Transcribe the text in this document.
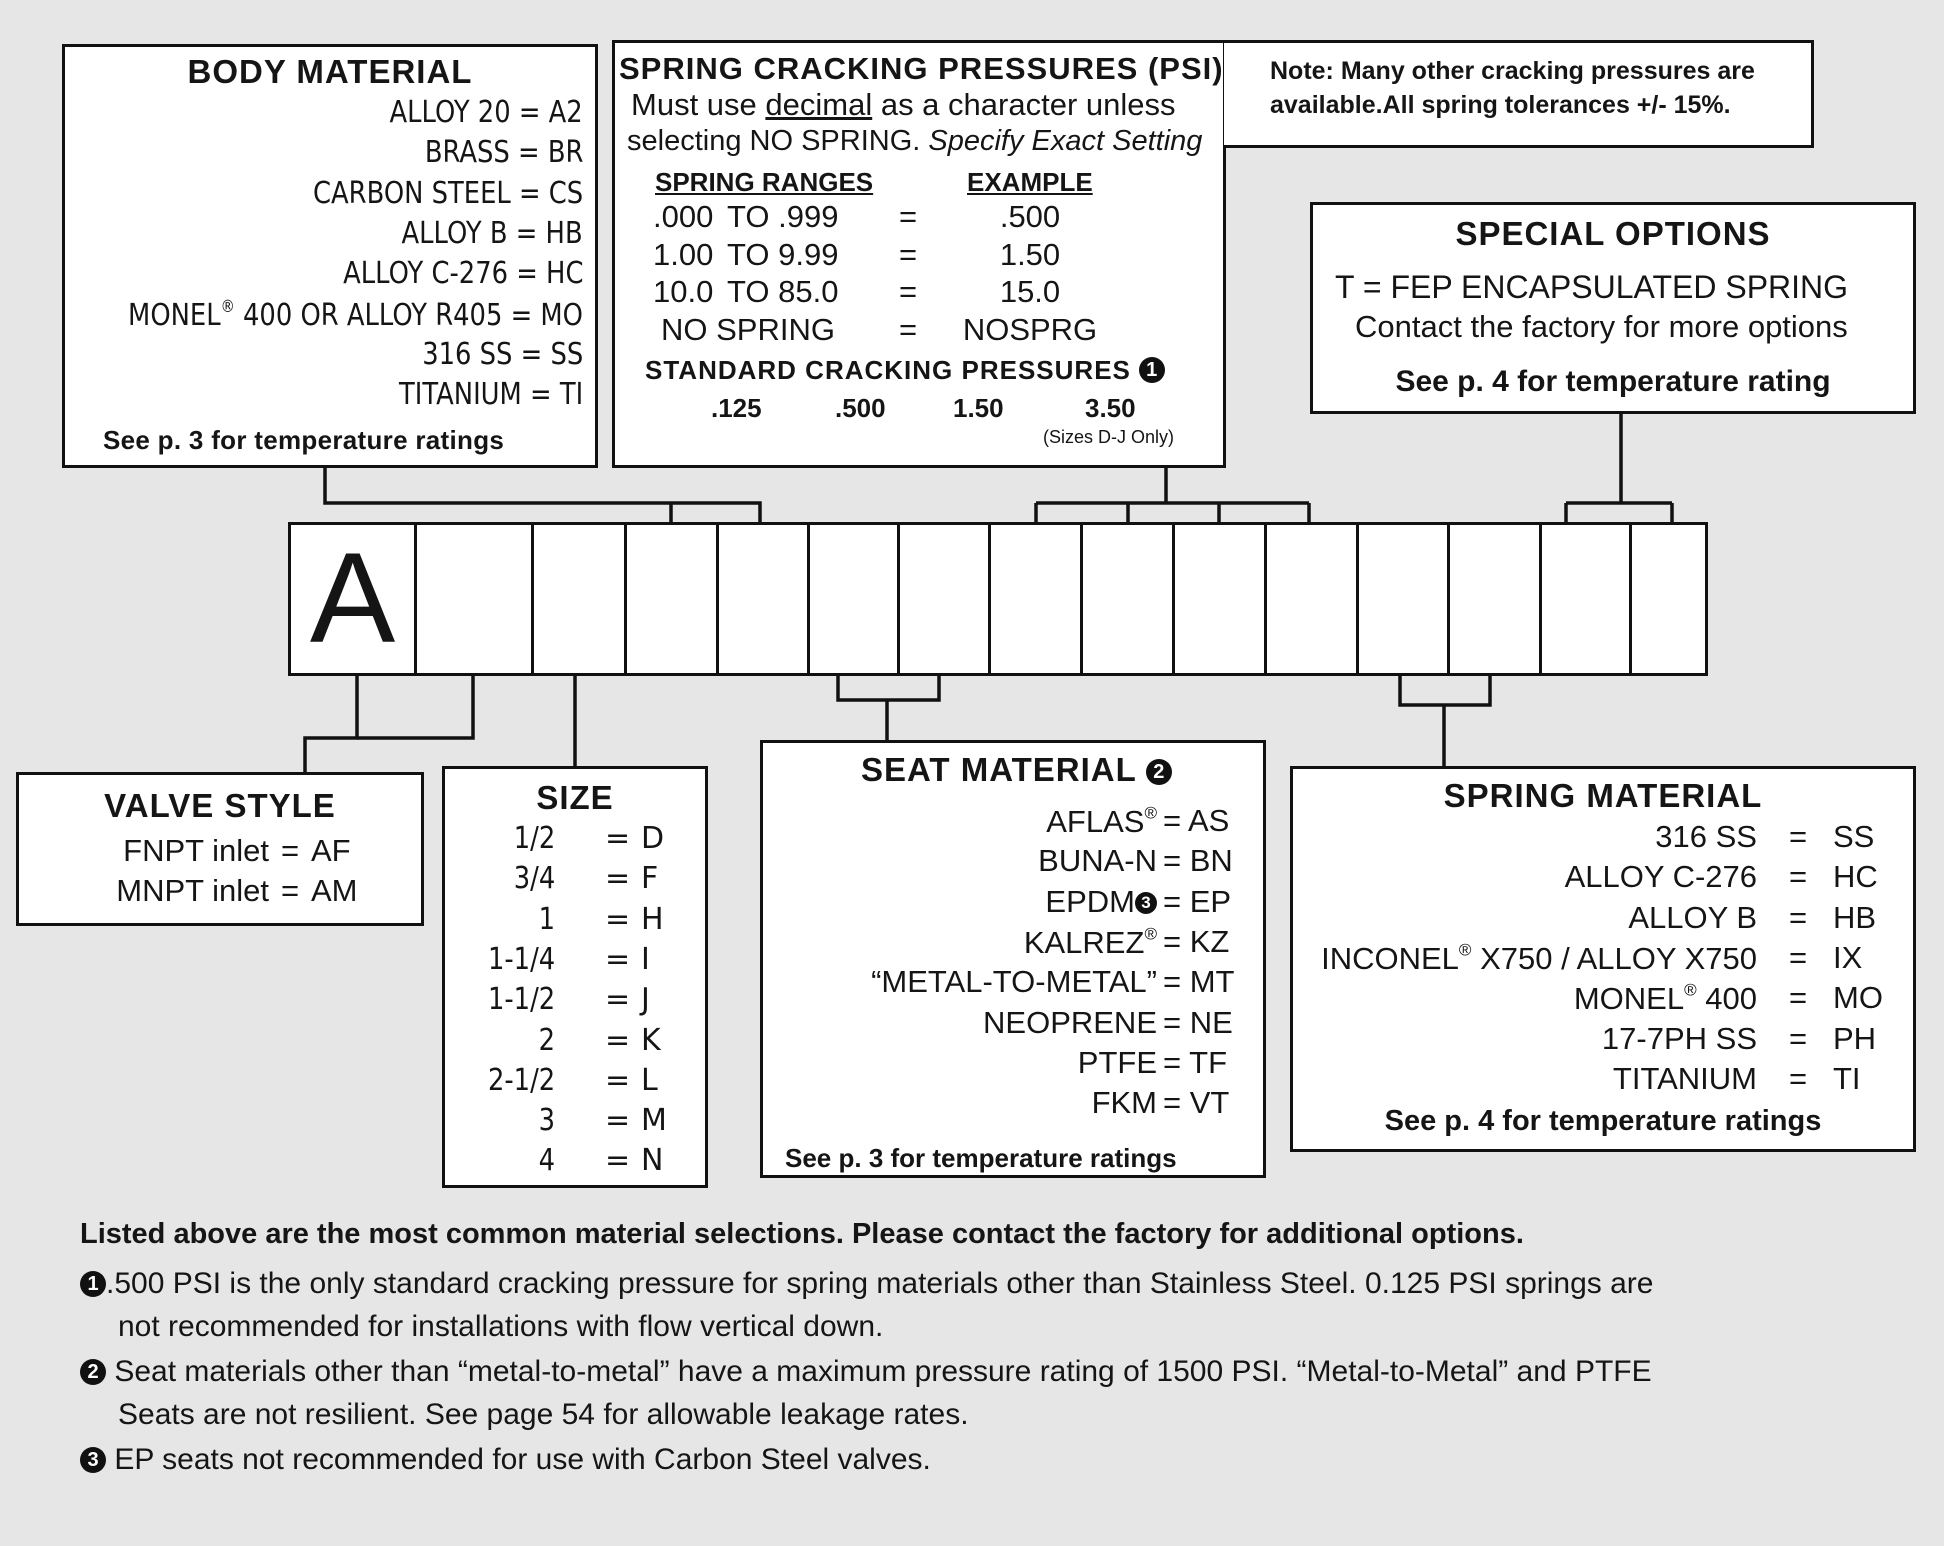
BODY MATERIAL
ALLOY 20 = A2
BRASS = BR
CARBON STEEL = CS
ALLOY B = HB
ALLOY C-276 = HC
MONEL® 400 OR ALLOY R405 = MO
316 SS = SS
TITANIUM = TI
See p. 3 for temperature ratings
SPRING CRACKING PRESSURES (PSI)
Must use decimal as a character unless
selecting NO SPRING. Specify Exact Setting
SPRING RANGES	EXAMPLE
.000 TO .999 =	.500
1.00 TO 9.99 =	1.50
10.0 TO 85.0 =	15.0
NO SPRING =	NOSPRG
STANDARD CRACKING PRESSURES 1
.125	.500	1.50	3.50
(Sizes D-J Only)
Note: Many other cracking pressures are
available.All spring tolerances +/- 15%.
SPECIAL OPTIONS
T = FEP ENCAPSULATED SPRING
Contact the factory for more options
See p. 4 for temperature rating
A
VALVE STYLE
FNPT inlet = AF
MNPT inlet = AM
SIZE
1/2 = D
3/4 = F
1 = H
1-1/4 = I
1-1/2 = J
2 = K
2-1/2 = L
3 = M
4 = N
SEAT MATERIAL 2
AFLAS® = AS
BUNA-N = BN
EPDM 3 = EP
KALREZ® = KZ
“METAL-TO-METAL” = MT
NEOPRENE = NE
PTFE = TF
FKM = VT
See p. 3 for temperature ratings
SPRING MATERIAL
316 SS = SS
ALLOY C-276 = HC
ALLOY B = HB
INCONEL® X750 / ALLOY X750 = IX
MONEL® 400 = MO
17-7PH SS = PH
TITANIUM = TI
See p. 4 for temperature ratings
Listed above are the most common material selections. Please contact the factory for additional options.
1 .500 PSI is the only standard cracking pressure for spring materials other than Stainless Steel. 0.125 PSI springs are
not recommended for installations with flow vertical down.
2 Seat materials other than “metal-to-metal” have a maximum pressure rating of 1500 PSI. “Metal-to-Metal” and PTFE
Seats are not resilient. See page 54 for allowable leakage rates.
3 EP seats not recommended for use with Carbon Steel valves.
